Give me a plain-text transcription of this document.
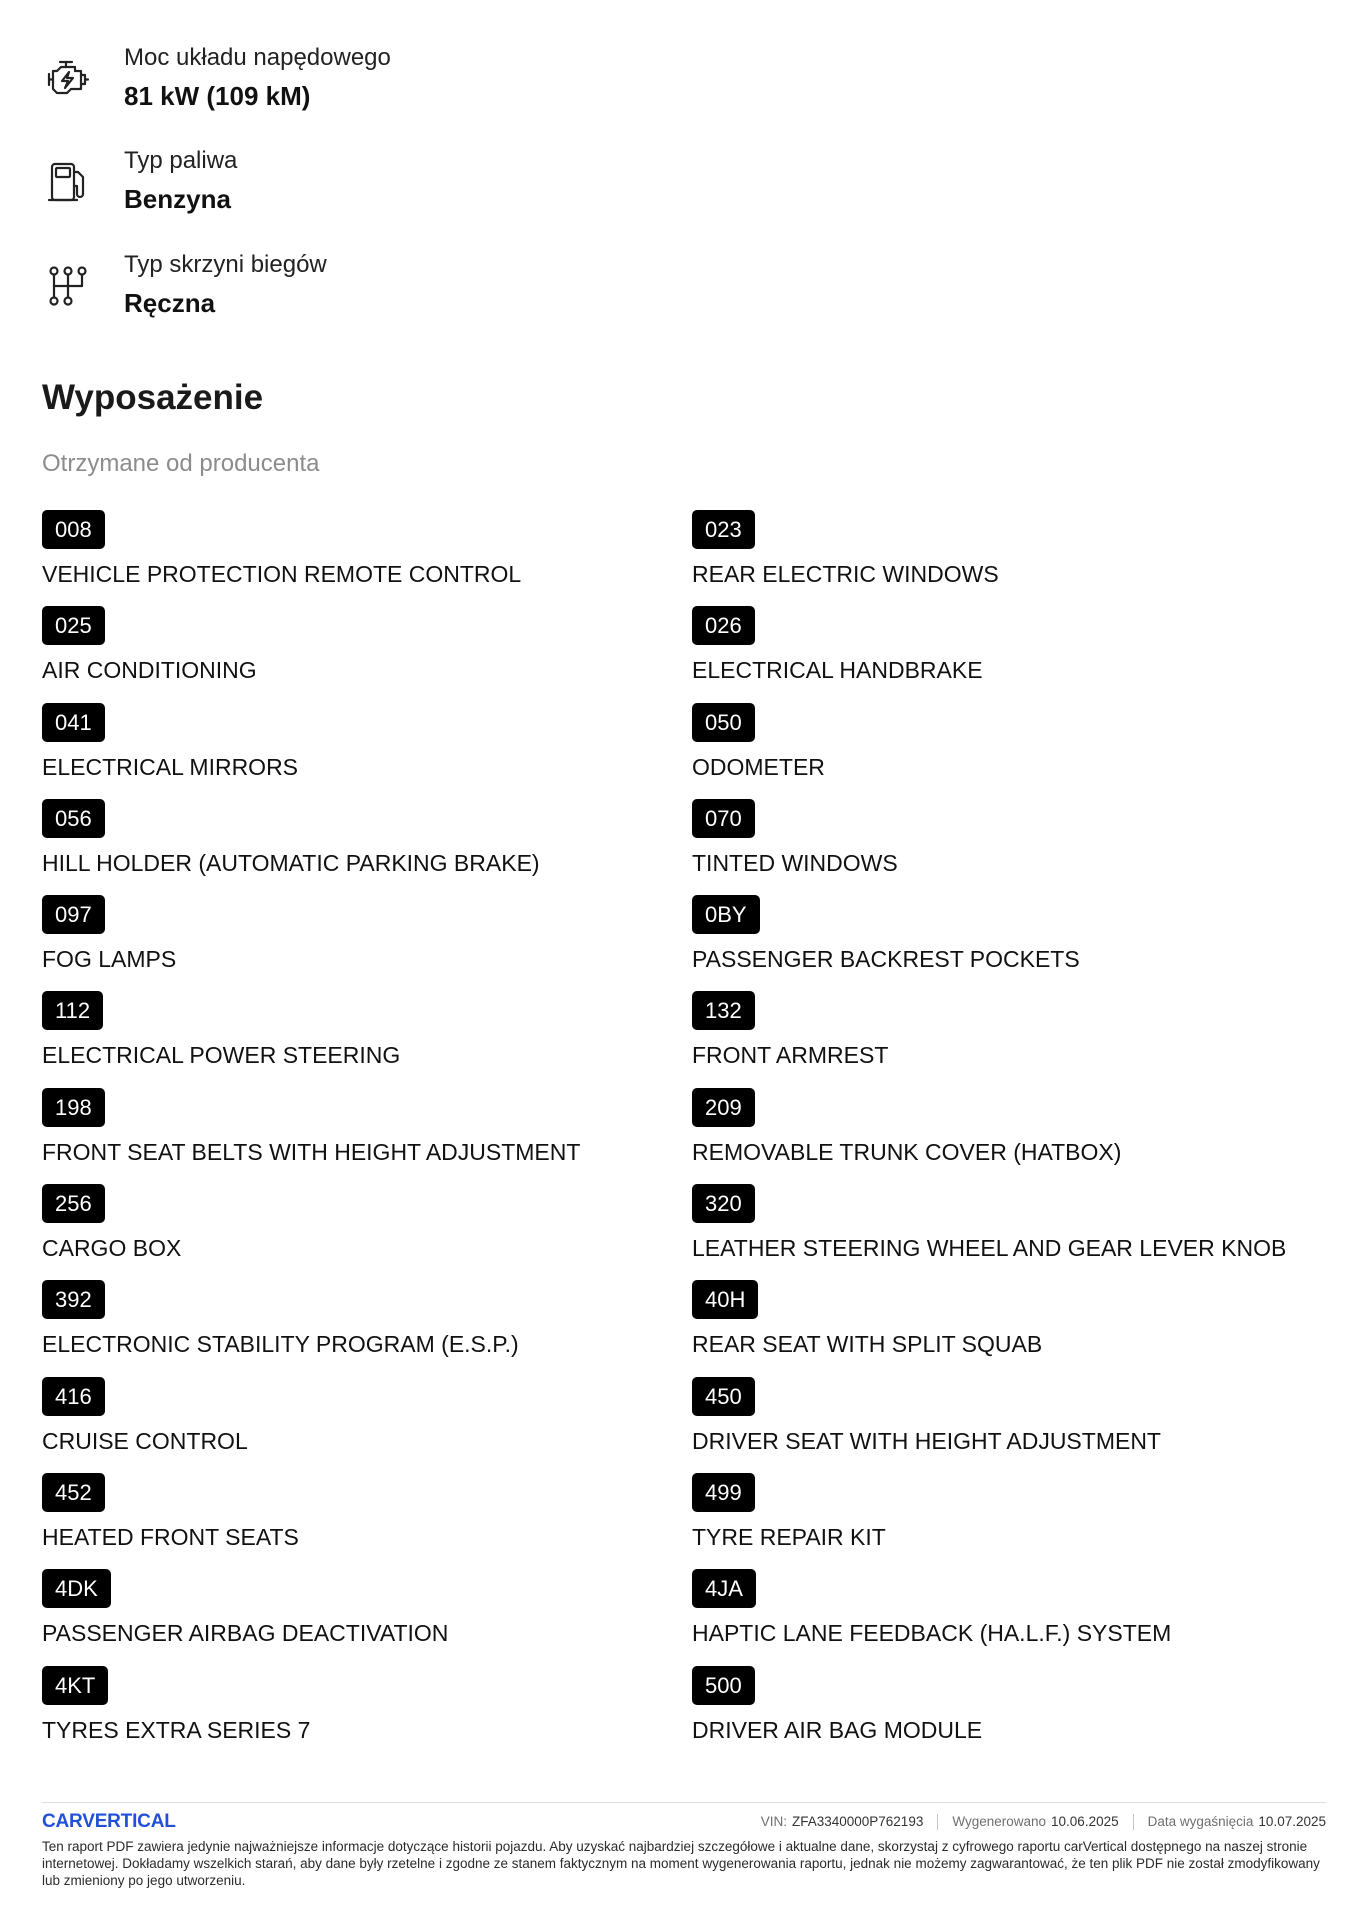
Moc układu napędowego
81 kW (109 kM)
Typ paliwa
Benzyna
Typ skrzyni biegów
Ręczna
Wyposażenie
Otrzymane od producenta
008
VEHICLE PROTECTION REMOTE CONTROL
023
REAR ELECTRIC WINDOWS
025
AIR CONDITIONING
026
ELECTRICAL HANDBRAKE
041
ELECTRICAL MIRRORS
050
ODOMETER
056
HILL HOLDER (AUTOMATIC PARKING BRAKE)
070
TINTED WINDOWS
097
FOG LAMPS
0BY
PASSENGER BACKREST POCKETS
112
ELECTRICAL POWER STEERING
132
FRONT ARMREST
198
FRONT SEAT BELTS WITH HEIGHT ADJUSTMENT
209
REMOVABLE TRUNK COVER (HATBOX)
256
CARGO BOX
320
LEATHER STEERING WHEEL AND GEAR LEVER KNOB
392
ELECTRONIC STABILITY PROGRAM (E.S.P.)
40H
REAR SEAT WITH SPLIT SQUAB
416
CRUISE CONTROL
450
DRIVER SEAT WITH HEIGHT ADJUSTMENT
452
HEATED FRONT SEATS
499
TYRE REPAIR KIT
4DK
PASSENGER AIRBAG DEACTIVATION
4JA
HAPTIC LANE FEEDBACK (HA.L.F.) SYSTEM
4KT
TYRES EXTRA SERIES 7
500
DRIVER AIR BAG MODULE
CARVERTICAL	VIN: ZFA3340000P762193 Wygenerowano 10.06.2025 Data wygaśnięcia 10.07.2025
Ten raport PDF zawiera jedynie najważniejsze informacje dotyczące historii pojazdu. Aby uzyskać najbardziej szczegółowe i aktualne dane, skorzystaj z cyfrowego raportu carVertical dostępnego na naszej stronie internetowej. Dokładamy wszelkich starań, aby dane były rzetelne i zgodne ze stanem faktycznym na moment wygenerowania raportu, jednak nie możemy zagwarantować, że ten plik PDF nie został zmodyfikowany lub zmieniony po jego utworzeniu.
